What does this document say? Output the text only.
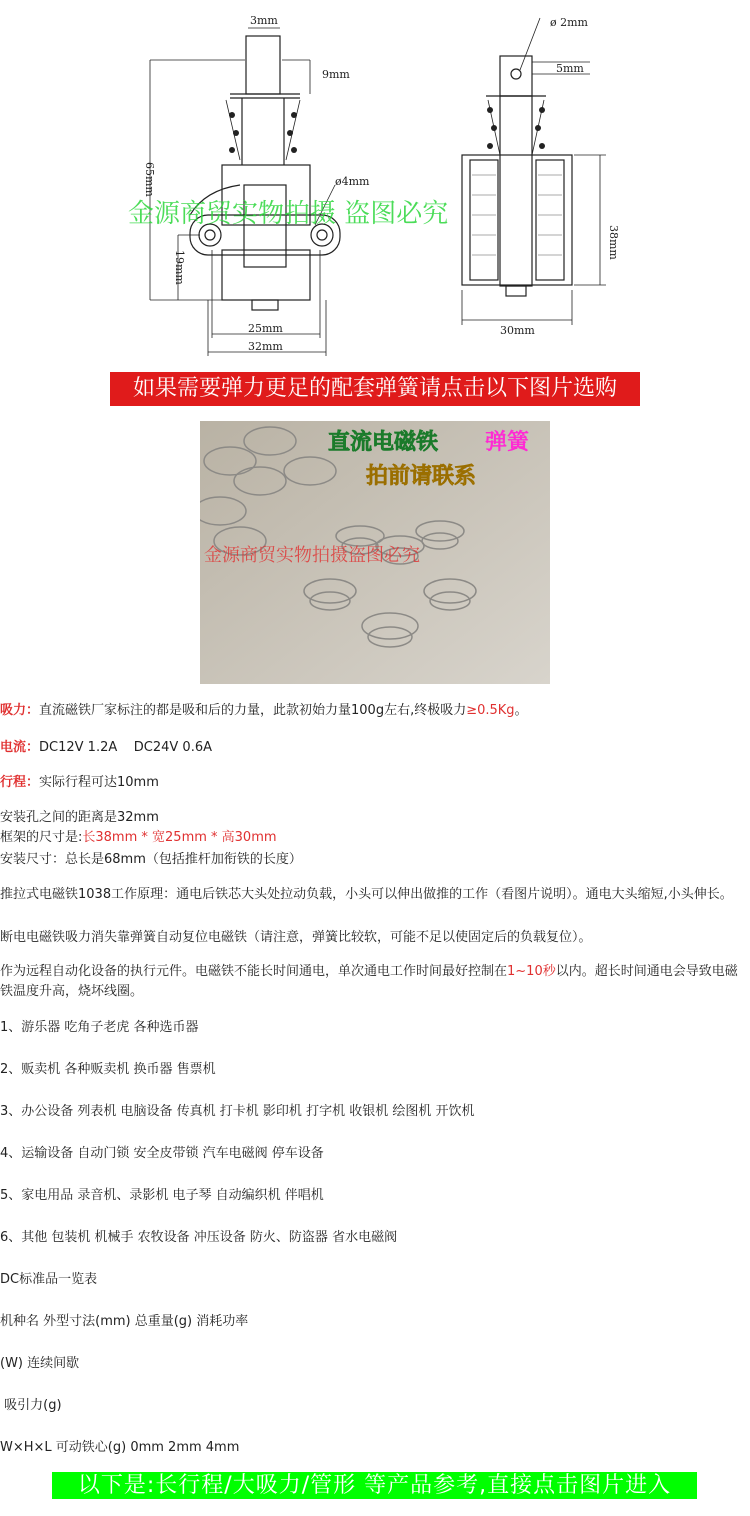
3mm
9mm
65mm	ø4mm
19mm
25mm
32mm
ø 2mm
5mm
38mm
30mm
金源商贸实物拍摄 盗图必究
如果需要弹力更足的配套弹簧请点击以下图片选购
直流电磁铁 弹簧
拍前请联系
金源商贸实物拍摄盗图必究
吸力：直流磁铁厂家标注的都是吸和后的力量，此款初始力量100g左右,终极吸力≥0.5Kg。
电流：DC12V 1.2A    DC24V 0.6A
行程：实际行程可达10mm
安装孔之间的距离是32mm
框架的尺寸是:长38mm * 宽25mm * 高30mm
安装尺寸：总长是68mm（包括推杆加衔铁的长度）
推拉式电磁铁1038工作原理：通电后铁芯大头处拉动负载，小头可以伸出做推的工作（看图片说明）。通电大头缩短,小头伸长。
断电电磁铁吸力消失靠弹簧自动复位电磁铁（请注意，弹簧比较软，可能不足以使固定后的负载复位）。
作为远程自动化设备的执行元件。电磁铁不能长时间通电，单次通电工作时间最好控制在1~10秒以内。超长时间通电会导致电磁铁温度升高，烧坏线圈。
1、游乐器 吃角子老虎 各种选币器
2、贩卖机 各种贩卖机 换币器 售票机
3、办公设备 列表机 电脑设备 传真机 打卡机 影印机 打字机 收银机 绘图机 开饮机
4、运输设备 自动门锁 安全皮带锁 汽车电磁阀 停车设备
5、家电用品 录音机、录影机 电子琴 自动编织机 伴唱机
6、其他 包装机 机械手 农牧设备 冲压设备 防火、防盗器 省水电磁阀
DC标准品一览表
机种名 外型寸法(mm) 总重量(g) 消耗功率
(W) 连续间歇
吸引力(g)
W×H×L 可动铁心(g) 0mm 2mm 4mm
以下是:长行程/大吸力/管形 等产品参考,直接点击图片进入
